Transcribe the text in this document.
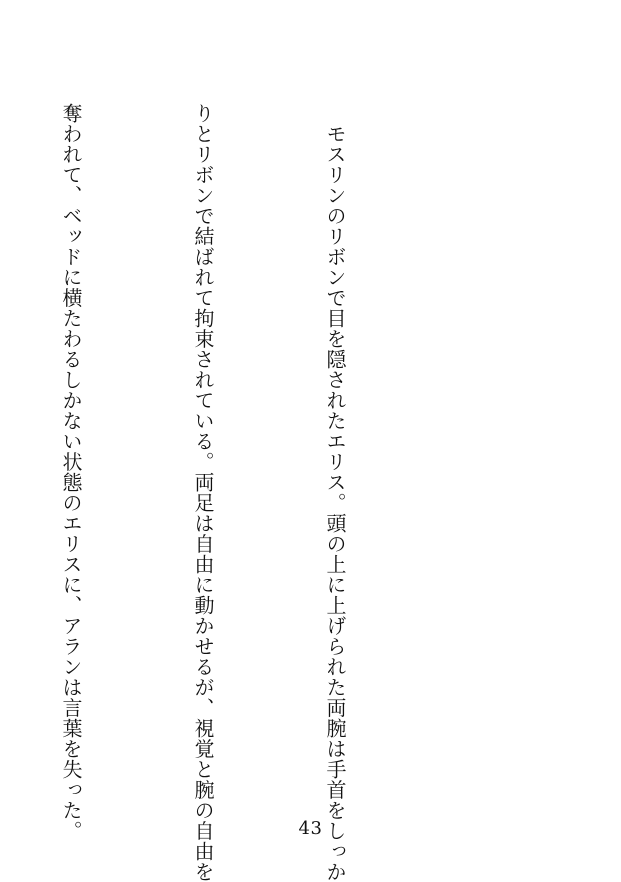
　モスリンのリボンで目を隠されたエリス。頭の上に上げられた両腕は手首をしっか

りとリボンで結ばれて拘束されている。両足は自由に動かせるが、視覚と腕の自由を

奪われて、ベッドに横たわるしかない状態のエリスに、アランは言葉を失った。

	43
